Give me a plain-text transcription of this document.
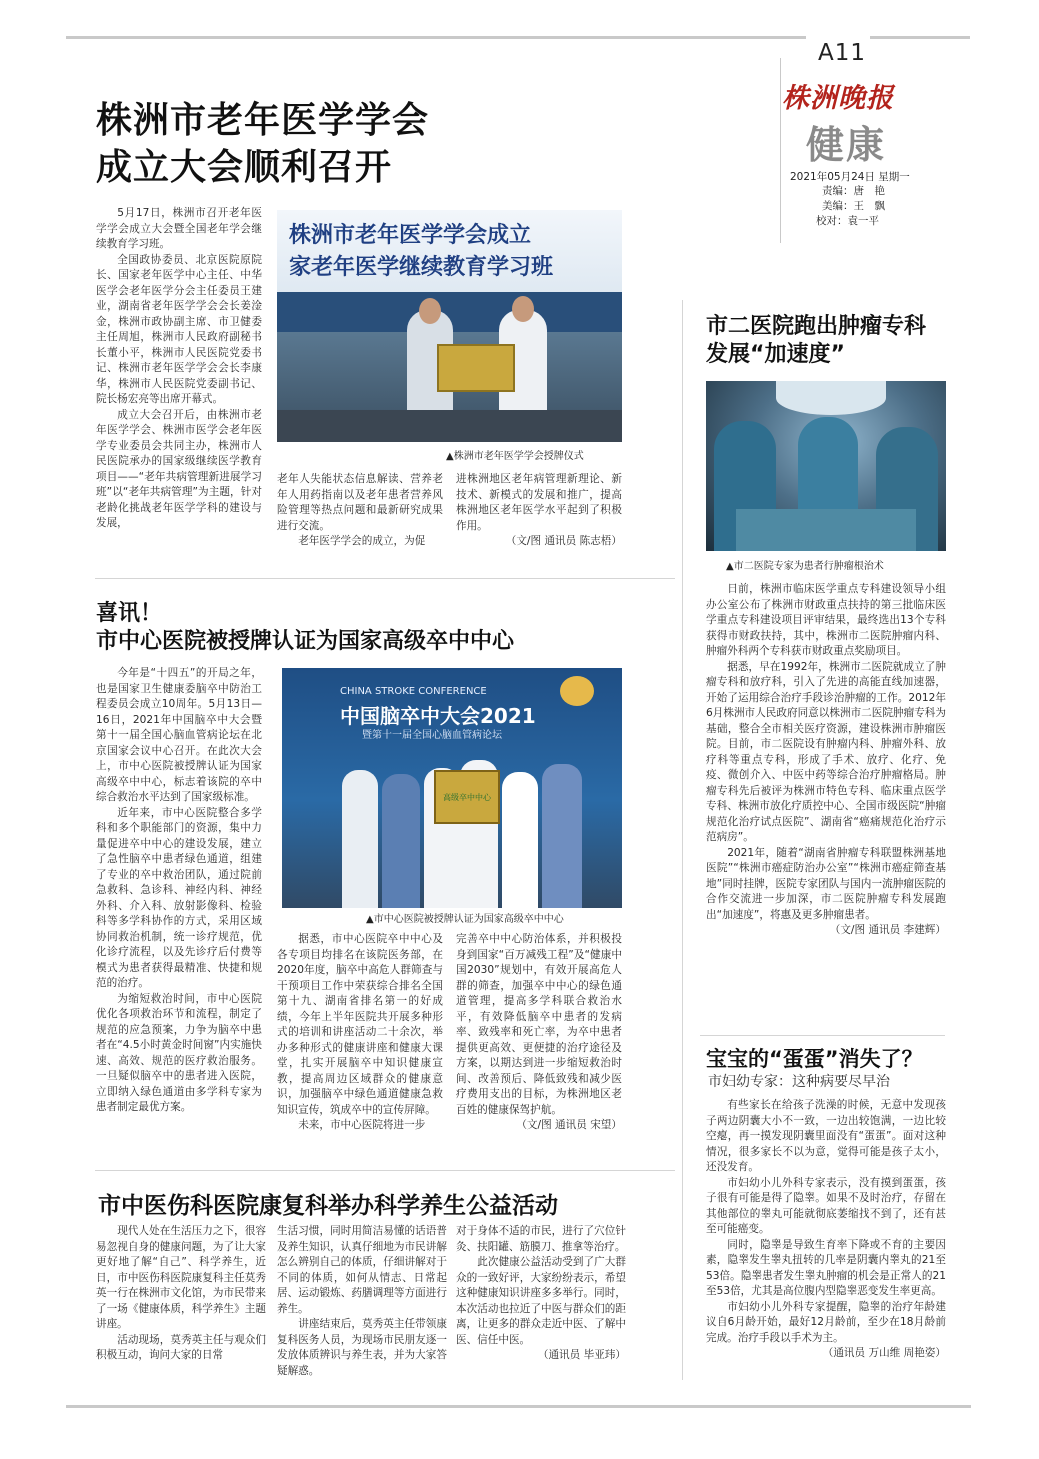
A11
株洲晚报
健康
2021年05月24日 星期一
责编：唐　艳
美编：王　飘
校对：袁一平
株洲市老年医学学会
成立大会顺利召开

5月17日，株洲市召开老年医学学会成立大会暨全国老年学会继续教育学习班。

全国政协委员、北京医院原院长、国家老年医学中心主任、中华医学会老年医学分会主任委员王建业，湖南省老年医学学会会长姜淦金，株洲市政协副主席、市卫健委主任周旭，株洲市人民政府副秘书长董小平，株洲市人民医院党委书记、株洲市老年医学学会会长李康华，株洲市人民医院党委副书记、院长杨宏亮等出席开幕式。

成立大会召开后，由株洲市老年医学学会、株洲市医学会老年医学专业委员会共同主办，株洲市人民医院承办的国家级继续医学教育项目——“老年共病管理新进展学习班”以“老年共病管理”为主题，针对老龄化挑战老年医学学科的建设与发展，

株洲市老年医学学会成立
家老年医学继续教育学习班
▲株洲市老年医学学会授牌仪式

老年人失能状态信息解读、营养老年人用药指南以及老年患者营养风险管理等热点问题和最新研究成果进行交流。

老年医学学会的成立，为促

进株洲地区老年病管理新理论、新技术、新模式的发展和推广，提高株洲地区老年医学水平起到了积极作用。

（文/图 通讯员 陈志梧）

市二医院跑出肿瘤专科
发展“加速度”
▲市二医院专家为患者行肿瘤根治术

日前，株洲市临床医学重点专科建设领导小组办公室公布了株洲市财政重点扶持的第三批临床医学重点专科建设项目评审结果，最终选出13个专科获得市财政扶持，其中，株洲市二医院肿瘤内科、肿瘤外科两个专科获市财政重点奖励项目。

据悉，早在1992年，株洲市二医院就成立了肿瘤专科和放疗科，引入了先进的高能直线加速器，开始了运用综合治疗手段诊治肿瘤的工作。2012年6月株洲市人民政府同意以株洲市二医院肿瘤专科为基础，整合全市相关医疗资源，建设株洲市肿瘤医院。目前，市二医院设有肿瘤内科、肿瘤外科、放疗科等重点专科，形成了手术、放疗、化疗、免疫、微创介入、中医中药等综合治疗肿瘤格局。肿瘤专科先后被评为株洲市特色专科、临床重点医学专科、株洲市放化疗质控中心、全国市级医院“肿瘤规范化治疗试点医院”、湖南省“癌痛规范化治疗示范病房”。

2021年，随着“湖南省肿瘤专科联盟株洲基地医院”“株洲市癌症防治办公室”“株洲市癌症筛查基地”同时挂牌，医院专家团队与国内一流肿瘤医院的合作交流进一步加深，市二医院肿瘤专科发展跑出“加速度”，将惠及更多肿瘤患者。

（文/图 通讯员 李建辉）

喜讯！
市中心医院被授牌认证为国家高级卒中中心

今年是“十四五”的开局之年，也是国家卫生健康委脑卒中防治工程委员会成立10周年。5月13日—16日，2021年中国脑卒中大会暨第十一届全国心脑血管病论坛在北京国家会议中心召开。在此次大会上，市中心医院被授牌认证为国家高级卒中中心，标志着该院的卒中综合救治水平达到了国家级标准。

近年来，市中心医院整合多学科和多个职能部门的资源，集中力量促进卒中中心的建设发展，建立了急性脑卒中患者绿色通道，组建了专业的卒中救治团队，通过院前急救科、急诊科、神经内科、神经外科、介入科、放射影像科、检验科等多学科协作的方式，采用区域协同救治机制，统一诊疗规范，优化诊疗流程，以及先诊疗后付费等模式为患者获得最精准、快捷和规范的治疗。

为缩短救治时间，市中心医院优化各项救治环节和流程，制定了规范的应急预案，力争为脑卒中患者在“4.5小时黄金时间窗”内实施快速、高效、规范的医疗救治服务。一旦疑似脑卒中的患者进入医院，立即纳入绿色通道由多学科专家为患者制定最优方案。

CHINA STROKE CONFERENCE
中国脑卒中大会2021
暨第十一届全国心脑血管病论坛
高级卒中中心
▲市中心医院被授牌认证为国家高级卒中中心

据悉，市中心医院卒中中心及各专项目均排名在该院医务部，在2020年度，脑卒中高危人群筛查与干预项目工作中荣获综合排名全国第十九、湖南省排名第一的好成绩，今年上半年医院共开展多种形式的培训和讲座活动二十余次，举办多种形式的健康讲座和健康大课堂，扎实开展脑卒中知识健康宣教，提高周边区域群众的健康意识，加强脑卒中绿色通道健康急救知识宣传，筑成卒中的宣传屏障。

未来，市中心医院将进一步

完善卒中中心防治体系，并积极投身到国家“百万减残工程”及“健康中国2030”规划中，有效开展高危人群的筛查，加强卒中中心的绿色通道管理，提高多学科联合救治水平，有效降低脑卒中患者的发病率、致残率和死亡率，为卒中患者提供更高效、更便捷的治疗途径及方案，以期达到进一步缩短救治时间、改善预后、降低致残和减少医疗费用支出的目标，为株洲地区老百姓的健康保驾护航。

（文/图 通讯员 宋望）

宝宝的“蛋蛋”消失了？
市妇幼专家：这种病要尽早治

有些家长在给孩子洗澡的时候，无意中发现孩子两边阴囊大小不一致，一边出较饱满，一边比较空瘪，再一摸发现阴囊里面没有“蛋蛋”。面对这种情况，很多家长不以为意，觉得可能是孩子太小，还没发育。

市妇幼小儿外科专家表示，没有摸到蛋蛋，孩子很有可能是得了隐睾。如果不及时治疗，存留在其他部位的睾丸可能就彻底萎缩找不到了，还有甚至可能癌变。

同时，隐睾是导致生育率下降或不育的主要因素，隐睾发生睾丸扭转的几率是阴囊内睾丸的21至53倍。隐睾患者发生睾丸肿瘤的机会是正常人的21至53倍，尤其是高位腹内型隐睾恶变发生率更高。

市妇幼小儿外科专家提醒，隐睾的治疗年龄建议自6月龄开始，最好12月龄前，至少在18月龄前完成。治疗手段以手术为主。

（通讯员 万山维 周艳姿）

市中医伤科医院康复科举办科学养生公益活动

现代人处在生活压力之下，很容易忽视自身的健康问题，为了让大家更好地了解“自己”、科学养生，近日，市中医伤科医院康复科主任莫秀英一行在株洲市文化馆，为市民带来了一场《健康体质，科学养生》主题讲座。

活动现场，莫秀英主任与观众们积极互动，询问大家的日常

生活习惯，同时用简洁易懂的话语普及养生知识，认真仔细地为市民讲解怎么辨别自己的体质，仔细讲解对于不同的体质，如何从情志、日常起居、运动锻炼、药膳调理等方面进行养生。

讲座结束后，莫秀英主任带领康复科医务人员，为现场市民朋友逐一发放体质辨识与养生表，并为大家答疑解惑。

对于身体不适的市民，进行了穴位针灸、扶阳罐、筋膜刀、推拿等治疗。

此次健康公益活动受到了广大群众的一致好评，大家纷纷表示，希望这种健康知识讲座多多举行。同时，本次活动也拉近了中医与群众们的距离，让更多的群众走近中医、了解中医、信任中医。

（通讯员 毕亚玮）
